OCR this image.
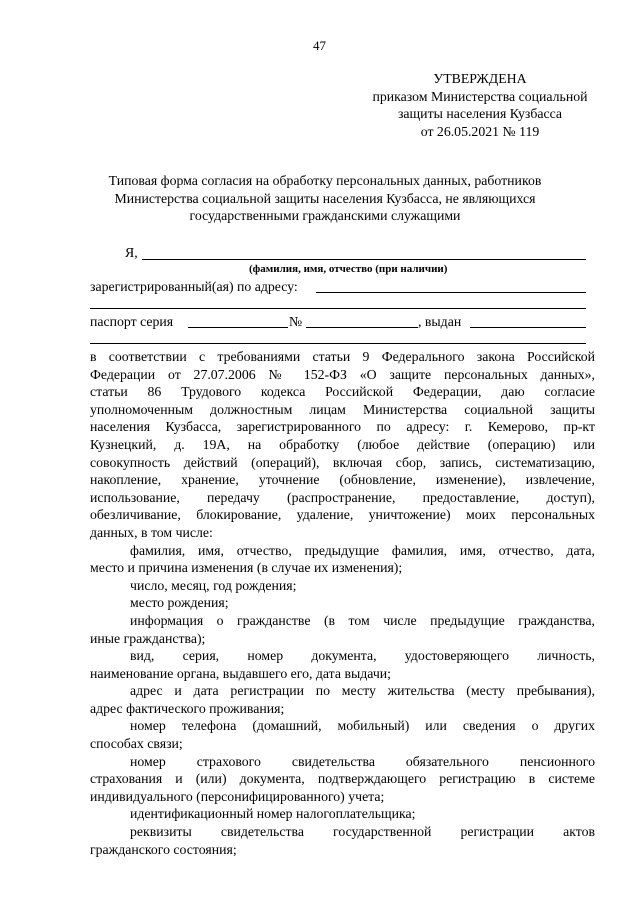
47
УТВЕРЖДЕНА
приказом Министерства социальной
защиты населения Кузбасса
от 26.05.2021 № 119
Типовая форма согласия на обработку персональных данных, работников
Министерства социальной защиты населения Кузбасса, не являющихся
государственными гражданскими служащими
Я,
(фамилия, имя, отчество (при наличии)
зарегистрированный(ая) по адресу:
паспорт серия	№	, выдан
в соответствии с требованиями статьи 9 Федерального закона Российской
Федерации от 27.07.2006 № 152-ФЗ «О защите персональных данных»,
статьи 86 Трудового кодекса Российской Федерации, даю согласие
уполномоченным должностным лицам Министерства социальной защиты
населения Кузбасса, зарегистрированного по адресу: г. Кемерово, пр-кт
Кузнецкий, д. 19А, на обработку (любое действие (операцию) или
совокупность действий (операций), включая сбор, запись, систематизацию,
накопление, хранение, уточнение (обновление, изменение), извлечение,
использование, передачу (распространение, предоставление, доступ),
обезличивание, блокирование, удаление, уничтожение) моих персональных
данных, в том числе:
фамилия, имя, отчество, предыдущие фамилия, имя, отчество, дата,
место и причина изменения (в случае их изменения);
число, месяц, год рождения;
место рождения;
информация о гражданстве (в том числе предыдущие гражданства,
иные гражданства);
вид, серия, номер документа, удостоверяющего личность,
наименование органа, выдавшего его, дата выдачи;
адрес и дата регистрации по месту жительства (месту пребывания),
адрес фактического проживания;
номер телефона (домашний, мобильный) или сведения о других
способах связи;
номер страхового свидетельства обязательного пенсионного
страхования и (или) документа, подтверждающего регистрацию в системе
индивидуального (персонифицированного) учета;
идентификационный номер налогоплательщика;
реквизиты свидетельства государственной регистрации актов
гражданского состояния;
